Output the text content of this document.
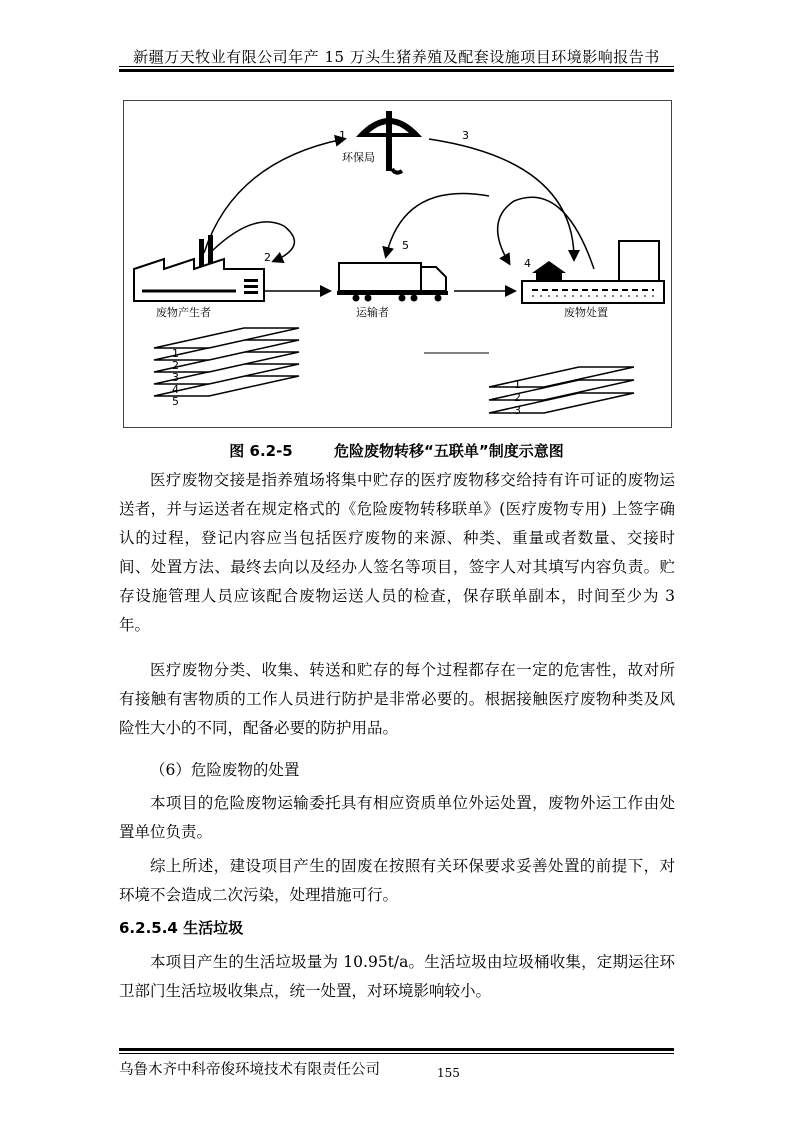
新疆万天牧业有限公司年产 15 万头生猪养殖及配套设施项目环境影响报告书
环保局
1
2
3
4
5
废物产生者	运输者	废物处置
1
2
3
4
5
1
2
3
图 6.2-5	危险废物转移“五联单”制度示意图

医疗废物交接是指养殖场将集中贮存的医疗废物移交给持有许可证的废物运送者，并与运送者在规定格式的《危险废物转移联单》(医疗废物专用) 上签字确认的过程，登记内容应当包括医疗废物的来源、种类、重量或者数量、交接时间、处置方法、最终去向以及经办人签名等项目，签字人对其填写内容负责。贮存设施管理人员应该配合废物运送人员的检查，保存联单副本，时间至少为 3 年。

医疗废物分类、收集、转送和贮存的每个过程都存在一定的危害性，故对所有接触有害物质的工作人员进行防护是非常必要的。根据接触医疗废物种类及风险性大小的不同，配备必要的防护用品。

（6）危险废物的处置

本项目的危险废物运输委托具有相应资质单位外运处置，废物外运工作由处置单位负责。

综上所述，建设项目产生的固废在按照有关环保要求妥善处置的前提下，对环境不会造成二次污染，处理措施可行。

6.2.5.4 生活垃圾

本项目产生的生活垃圾量为 10.95t/a。生活垃圾由垃圾桶收集，定期运往环卫部门生活垃圾收集点，统一处置，对环境影响较小。

乌鲁木齐中科帝俊环境技术有限责任公司	155
